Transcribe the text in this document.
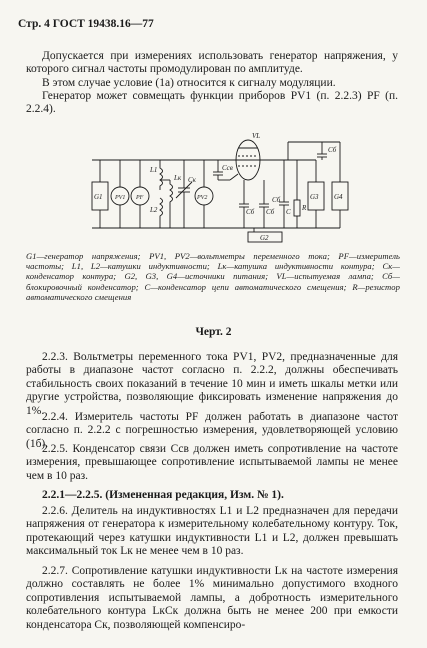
Стр. 4 ГОСТ 19438.16—77
Допускается при измерениях использовать генератор напряжения, у которого сигнал частоты промодулирован по амплитуде.
В этом случае условие (1а) относится к сигналу модуляции.
Генератор может совмещать функции приборов PV1 (п. 2.2.3) PF (п. 2.2.4).
G1 PV1 PF
L1
L2
Lк Cк
PV2
Cсв
VL
Cб Cб
Cб
Cб
C R
G2
G3 G4
G1—генератор напряжения; PV1, PV2—вольтметры переменного тока; PF—измеритель частоты; L1, L2—катушки индуктивности; Lк—катушка индуктивности контура; Cк—конденсатор контура; G2, G3, G4—источники питания; VL—испытуемая лампа; Cб—блокировочный конденсатор; C—конденсатор цепи автоматического смещения; R—резистор автоматического смещения
Черт. 2
2.2.3. Вольтметры переменного тока PV1, PV2, предназначенные для работы в диапазоне частот согласно п. 2.2.2, должны обеспечивать стабильность своих показаний в течение 10 мин и иметь шкалы метки или другие устройства, позволяющие фиксировать изменение напряжения до 1%.
2.2.4. Измеритель частоты PF должен работать в диапазоне частот согласно п. 2.2.2 с погрешностью измерения, удовлетворяющей условию (1б).
2.2.5. Конденсатор связи Cсв должен иметь сопротивление на частоте измерения, превышающее сопротивление испытываемой лампы не менее чем в 10 раз.
2.2.1—2.2.5. (Измененная редакция, Изм. № 1).
2.2.6. Делитель на индуктивностях L1 и L2 предназначен для передачи напряжения от генератора к измерительному колебательному контуру. Ток, протекающий через катушки индуктивности L1 и L2, должен превышать максимальный ток Lк не менее чем в 10 раз.
2.2.7. Сопротивление катушки индуктивности Lк на частоте измерения должно составлять не более 1% минимально допустимого входного сопротивления испытываемой лампы, а добротность измерительного колебательного контура LкCк должна быть не менее 200 при емкости конденсатора Cк, позволяющей компенсиро-
